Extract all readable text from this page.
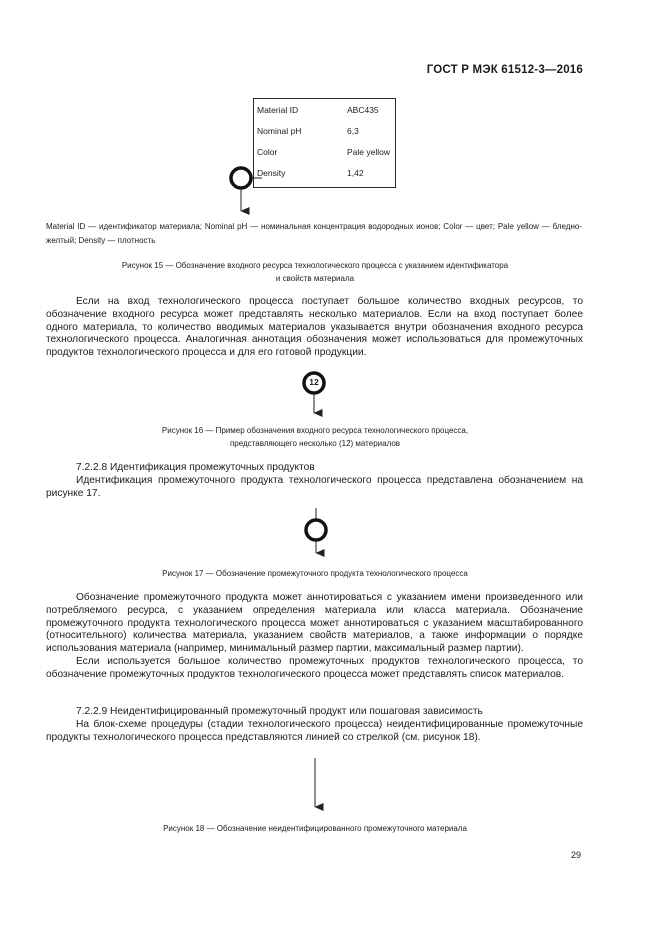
ГОСТ Р МЭК 61512-3—2016
Material ID	ABC435
Nominal pH	6,3
Color	Pale yellow
Density	1,42
12
Material ID — идентификатор материала; Nominal pH — номинальная концентрация водородных ионов; Color — цвет; Pale yellow — бледно-желтый; Density — плотность
Рисунок 15 — Обозначение входного ресурса технологического процесса с указанием идентификатора
и свойств материала

Если на вход технологического процесса поступает большое количество входных ресурсов, то обозначение входного ресурса может представлять несколько материалов. Если на вход поступает более одного материала, то количество вводимых материалов указывается внутри обозначения входного ресурса технологического процесса. Аналогичная аннотация обозначения может использоваться для промежуточных продуктов технологического процесса и для его готовой продукции.

Рисунок 16 — Пример обозначения входного ресурса технологического процесса,
представляющего несколько (12) материалов
7.2.2.8 Идентификация промежуточных продуктов

Идентификация промежуточного продукта технологического процесса представлена обозначением на рисунке 17.

Рисунок 17 — Обозначение промежуточного продукта технологического процесса

Обозначение промежуточного продукта может аннотироваться с указанием имени произведенного или потребляемого ресурса, с указанием определения материала или класса материала. Обозначение промежуточного продукта технологического процесса может аннотироваться с указанием масштабированного (относительного) количества материала, указанием свойств материалов, а также информации о порядке использования материала (например, минимальный размер партии, максимальный размер партии).

Если используется большое количество промежуточных продуктов технологического процесса, то обозначение промежуточных продуктов технологического процесса может представлять список материалов.

7.2.2.9 Неидентифицированный промежуточный продукт или пошаговая зависимость

На блок-схеме процедуры (стадии технологического процесса) неидентифицированные промежуточные продукты технологического процесса представляются линией со стрелкой (см. рисунок 18).

Рисунок 18 — Обозначение неидентифицированного промежуточного материала
29
